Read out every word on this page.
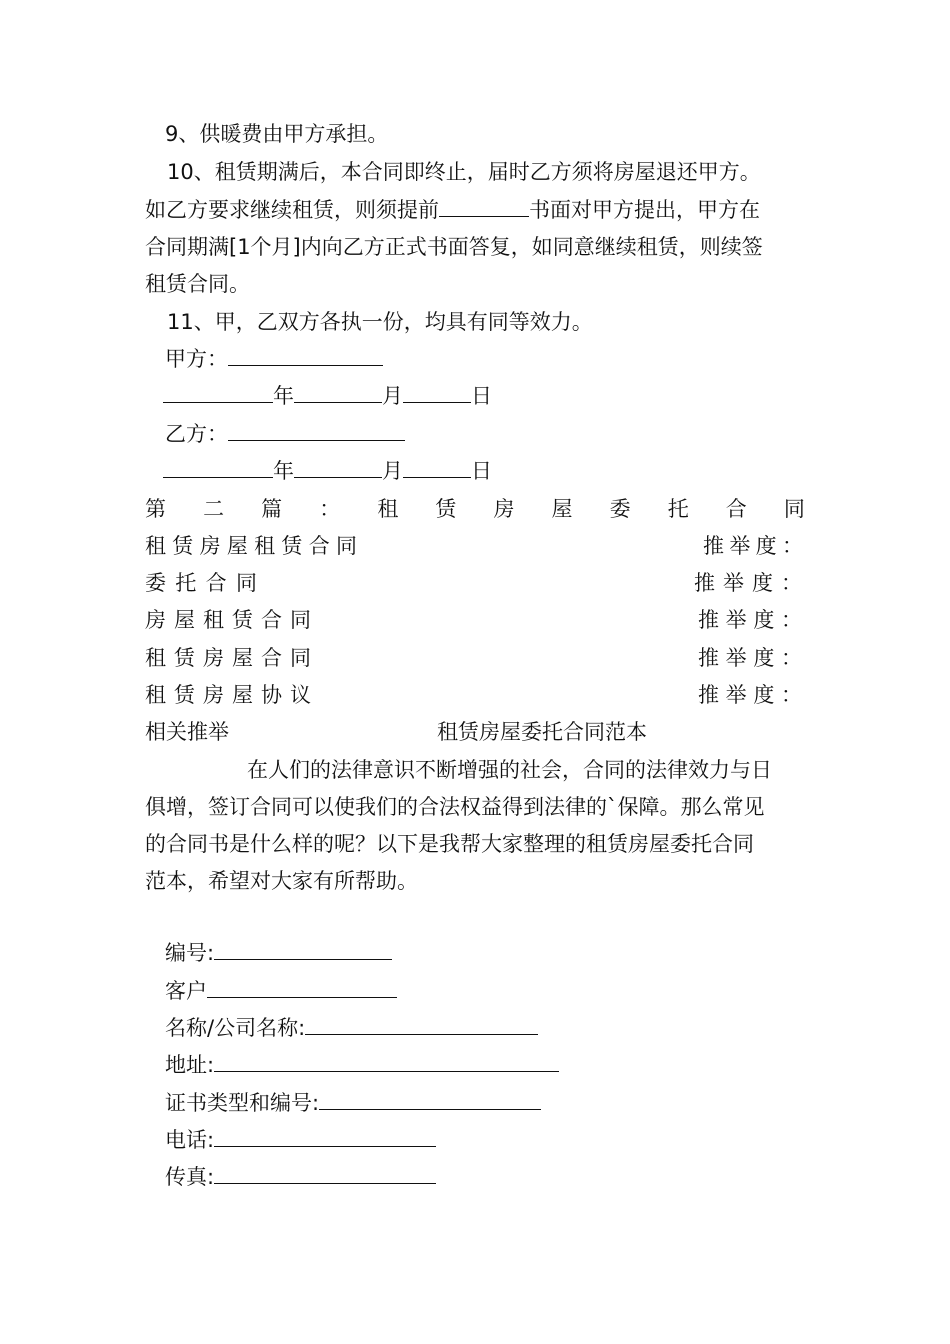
9、供暖费由甲方承担。
10、租赁期满后，本合同即终止，届时乙方须将房屋退还甲方。
如乙方要求继续租赁，则须提前	书面对甲方提出，甲方在
合同期满[1个月]内向乙方正式书面答复，如同意继续租赁，则续签
租赁合同。
11、甲，乙双方各执一份，均具有同等效力。
甲方：
年	月	日
乙方：
年	月	日
第 二 篇 ： 租 赁 房 屋 委 托 合 同
租 赁 房 屋 租 赁 合 同	推 举 度 ：
委 托 合 同	推 举 度 ：
房 屋 租 赁 合 同	推 举 度 ：
租 赁 房 屋 合 同	推 举 度 ：
租 赁 房 屋 协 议	推 举 度 ：
相关推举	租赁房屋委托合同范本
在人们的法律意识不断增强的社会，合同的法律效力与日
俱增，签订合同可以使我们的合法权益得到法律的`保障。那么常见
的合同书是什么样的呢？以下是我帮大家整理的租赁房屋委托合同
范本，希望对大家有所帮助。
编号:
客户
名称/公司名称:
地址:
证书类型和编号:
电话:
传真:
